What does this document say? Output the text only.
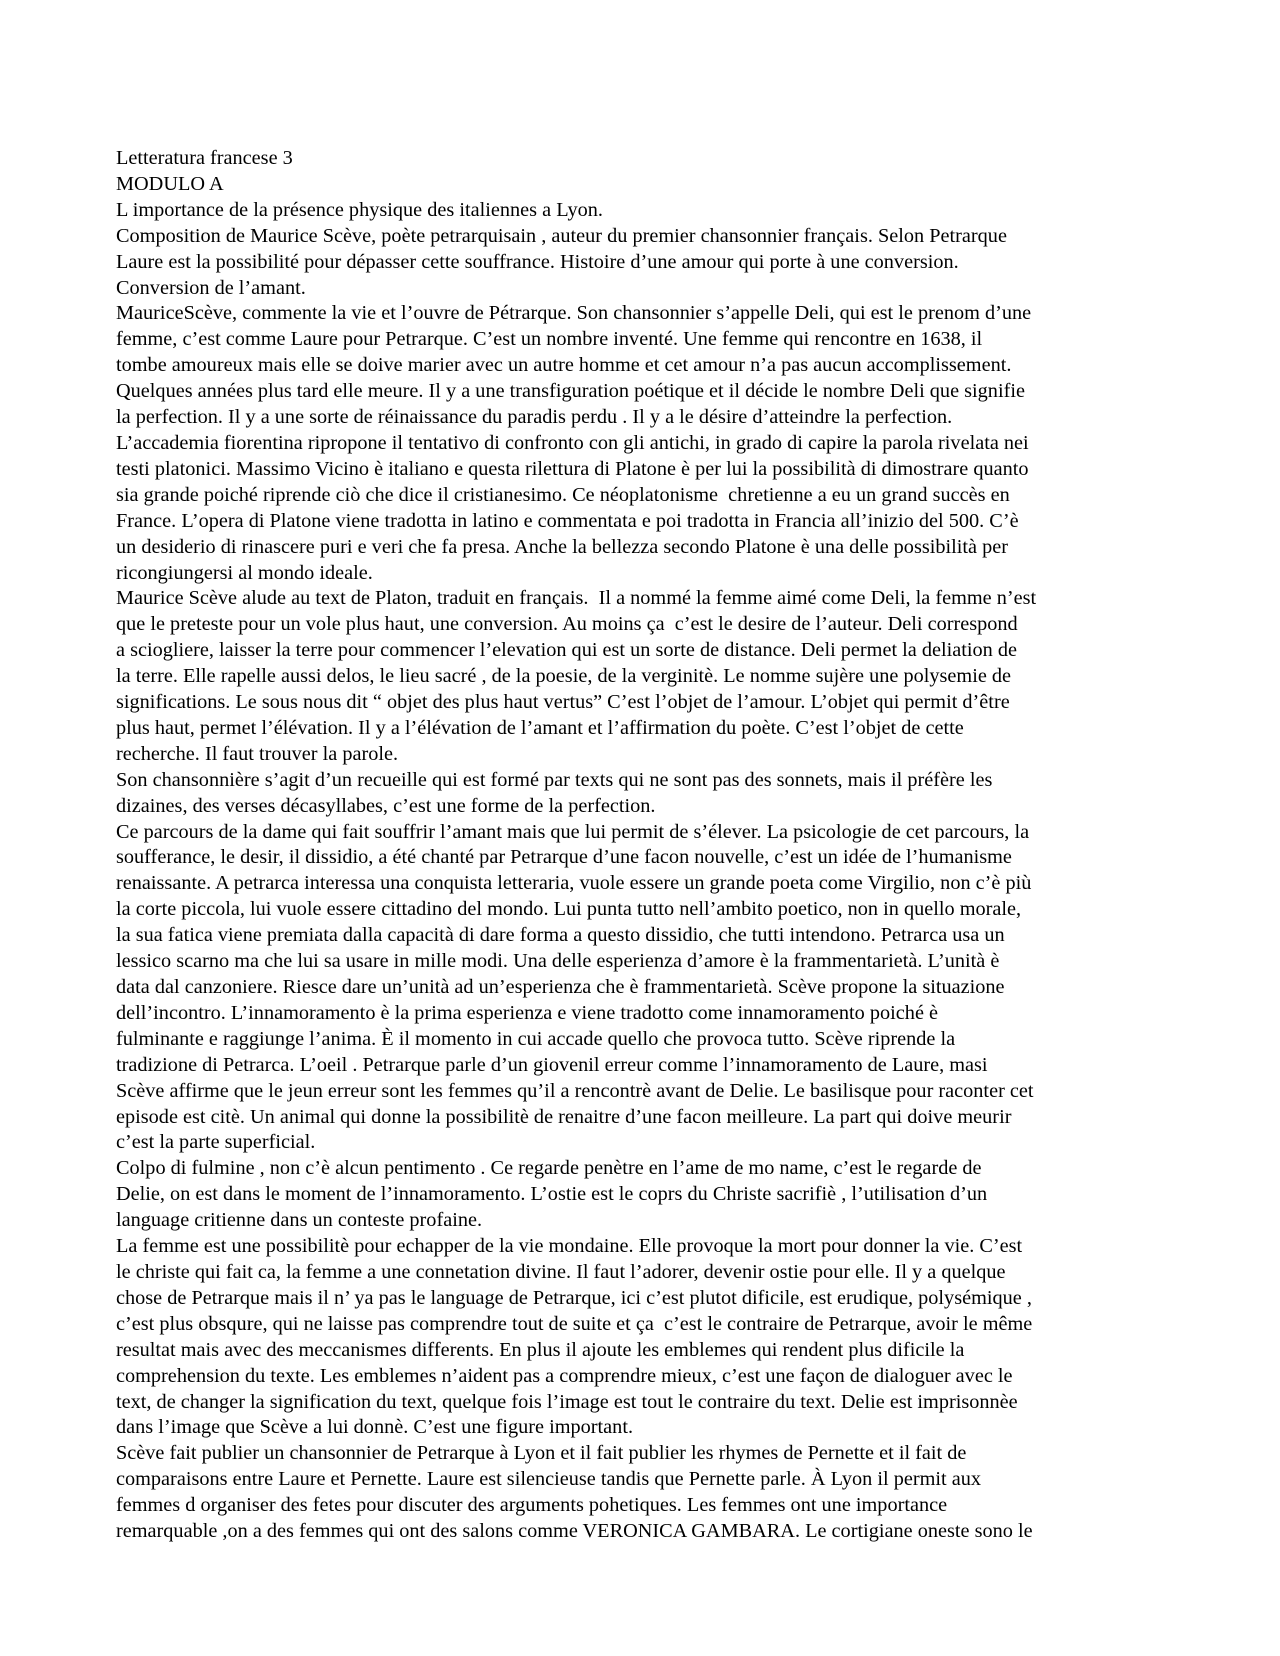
Letteratura francese 3
MODULO A
L importance de la présence physique des italiennes a Lyon.
Composition de Maurice Scève, poète petrarquisain , auteur du premier chansonnier français. Selon Petrarque
Laure est la possibilité pour dépasser cette souffrance. Histoire d’une amour qui porte à une conversion.
Conversion de l’amant.
MauriceScève, commente la vie et l’ouvre de Pétrarque. Son chansonnier s’appelle Deli, qui est le prenom d’une
femme, c’est comme Laure pour Petrarque. C’est un nombre inventé. Une femme qui rencontre en 1638, il
tombe amoureux mais elle se doive marier avec un autre homme et cet amour n’a pas aucun accomplissement.
Quelques années plus tard elle meure. Il y a une transfiguration poétique et il décide le nombre Deli que signifie
la perfection. Il y a une sorte de réinaissance du paradis perdu . Il y a le désire d’atteindre la perfection.
L’accademia fiorentina ripropone il tentativo di confronto con gli antichi, in grado di capire la parola rivelata nei
testi platonici. Massimo Vicino è italiano e questa rilettura di Platone è per lui la possibilità di dimostrare quanto
sia grande poiché riprende ciò che dice il cristianesimo. Ce néoplatonisme  chretienne a eu un grand succès en
France. L’opera di Platone viene tradotta in latino e commentata e poi tradotta in Francia all’inizio del 500. C’è
un desiderio di rinascere puri e veri che fa presa. Anche la bellezza secondo Platone è una delle possibilità per
ricongiungersi al mondo ideale.
Maurice Scève alude au text de Platon, traduit en français.  Il a nommé la femme aimé come Deli, la femme n’est
que le preteste pour un vole plus haut, une conversion. Au moins ça  c’est le desire de l’auteur. Deli correspond
a sciogliere, laisser la terre pour commencer l’elevation qui est un sorte de distance. Deli permet la deliation de
la terre. Elle rapelle aussi delos, le lieu sacré , de la poesie, de la verginitè. Le nomme sujère une polysemie de
significations. Le sous nous dit “ objet des plus haut vertus” C’est l’objet de l’amour. L’objet qui permit d’être
plus haut, permet l’élévation. Il y a l’élévation de l’amant et l’affirmation du poète. C’est l’objet de cette
recherche. Il faut trouver la parole.
Son chansonnière s’agit d’un recueille qui est formé par texts qui ne sont pas des sonnets, mais il préfère les
dizaines, des verses décasyllabes, c’est une forme de la perfection.
Ce parcours de la dame qui fait souffrir l’amant mais que lui permit de s’élever. La psicologie de cet parcours, la
soufferance, le desir, il dissidio, a été chanté par Petrarque d’une facon nouvelle, c’est un idée de l’humanisme
renaissante. A petrarca interessa una conquista letteraria, vuole essere un grande poeta come Virgilio, non c’è più
la corte piccola, lui vuole essere cittadino del mondo. Lui punta tutto nell’ambito poetico, non in quello morale,
la sua fatica viene premiata dalla capacità di dare forma a questo dissidio, che tutti intendono. Petrarca usa un
lessico scarno ma che lui sa usare in mille modi. Una delle esperienza d’amore è la frammentarietà. L’unità è
data dal canzoniere. Riesce dare un’unità ad un’esperienza che è frammentarietà. Scève propone la situazione
dell’incontro. L’innamoramento è la prima esperienza e viene tradotto come innamoramento poiché è
fulminante e raggiunge l’anima. È il momento in cui accade quello che provoca tutto. Scève riprende la
tradizione di Petrarca. L’oeil . Petrarque parle d’un giovenil erreur comme l’innamoramento de Laure, masi
Scève affirme que le jeun erreur sont les femmes qu’il a rencontrè avant de Delie. Le basilisque pour raconter cet
episode est citè. Un animal qui donne la possibilitè de renaitre d’une facon meilleure. La part qui doive meurir
c’est la parte superficial.
Colpo di fulmine , non c’è alcun pentimento . Ce regarde penètre en l’ame de mo name, c’est le regarde de
Delie, on est dans le moment de l’innamoramento. L’ostie est le coprs du Christe sacrifiè , l’utilisation d’un
language critienne dans un conteste profaine.
La femme est une possibilitè pour echapper de la vie mondaine. Elle provoque la mort pour donner la vie. C’est
le christe qui fait ca, la femme a une connetation divine. Il faut l’adorer, devenir ostie pour elle. Il y a quelque
chose de Petrarque mais il n’ ya pas le language de Petrarque, ici c’est plutot dificile, est erudique, polysémique ,
c’est plus obsqure, qui ne laisse pas comprendre tout de suite et ça  c’est le contraire de Petrarque, avoir le même
resultat mais avec des meccanismes differents. En plus il ajoute les emblemes qui rendent plus dificile la
comprehension du texte. Les emblemes n’aident pas a comprendre mieux, c’est une façon de dialoguer avec le
text, de changer la signification du text, quelque fois l’image est tout le contraire du text. Delie est imprisonnèe
dans l’image que Scève a lui donnè. C’est une figure important.
Scève fait publier un chansonnier de Petrarque à Lyon et il fait publier les rhymes de Pernette et il fait de
comparaisons entre Laure et Pernette. Laure est silencieuse tandis que Pernette parle. À Lyon il permit aux
femmes d organiser des fetes pour discuter des arguments pohetiques. Les femmes ont une importance
remarquable ,on a des femmes qui ont des salons comme VERONICA GAMBARA. Le cortigiane oneste sono le
